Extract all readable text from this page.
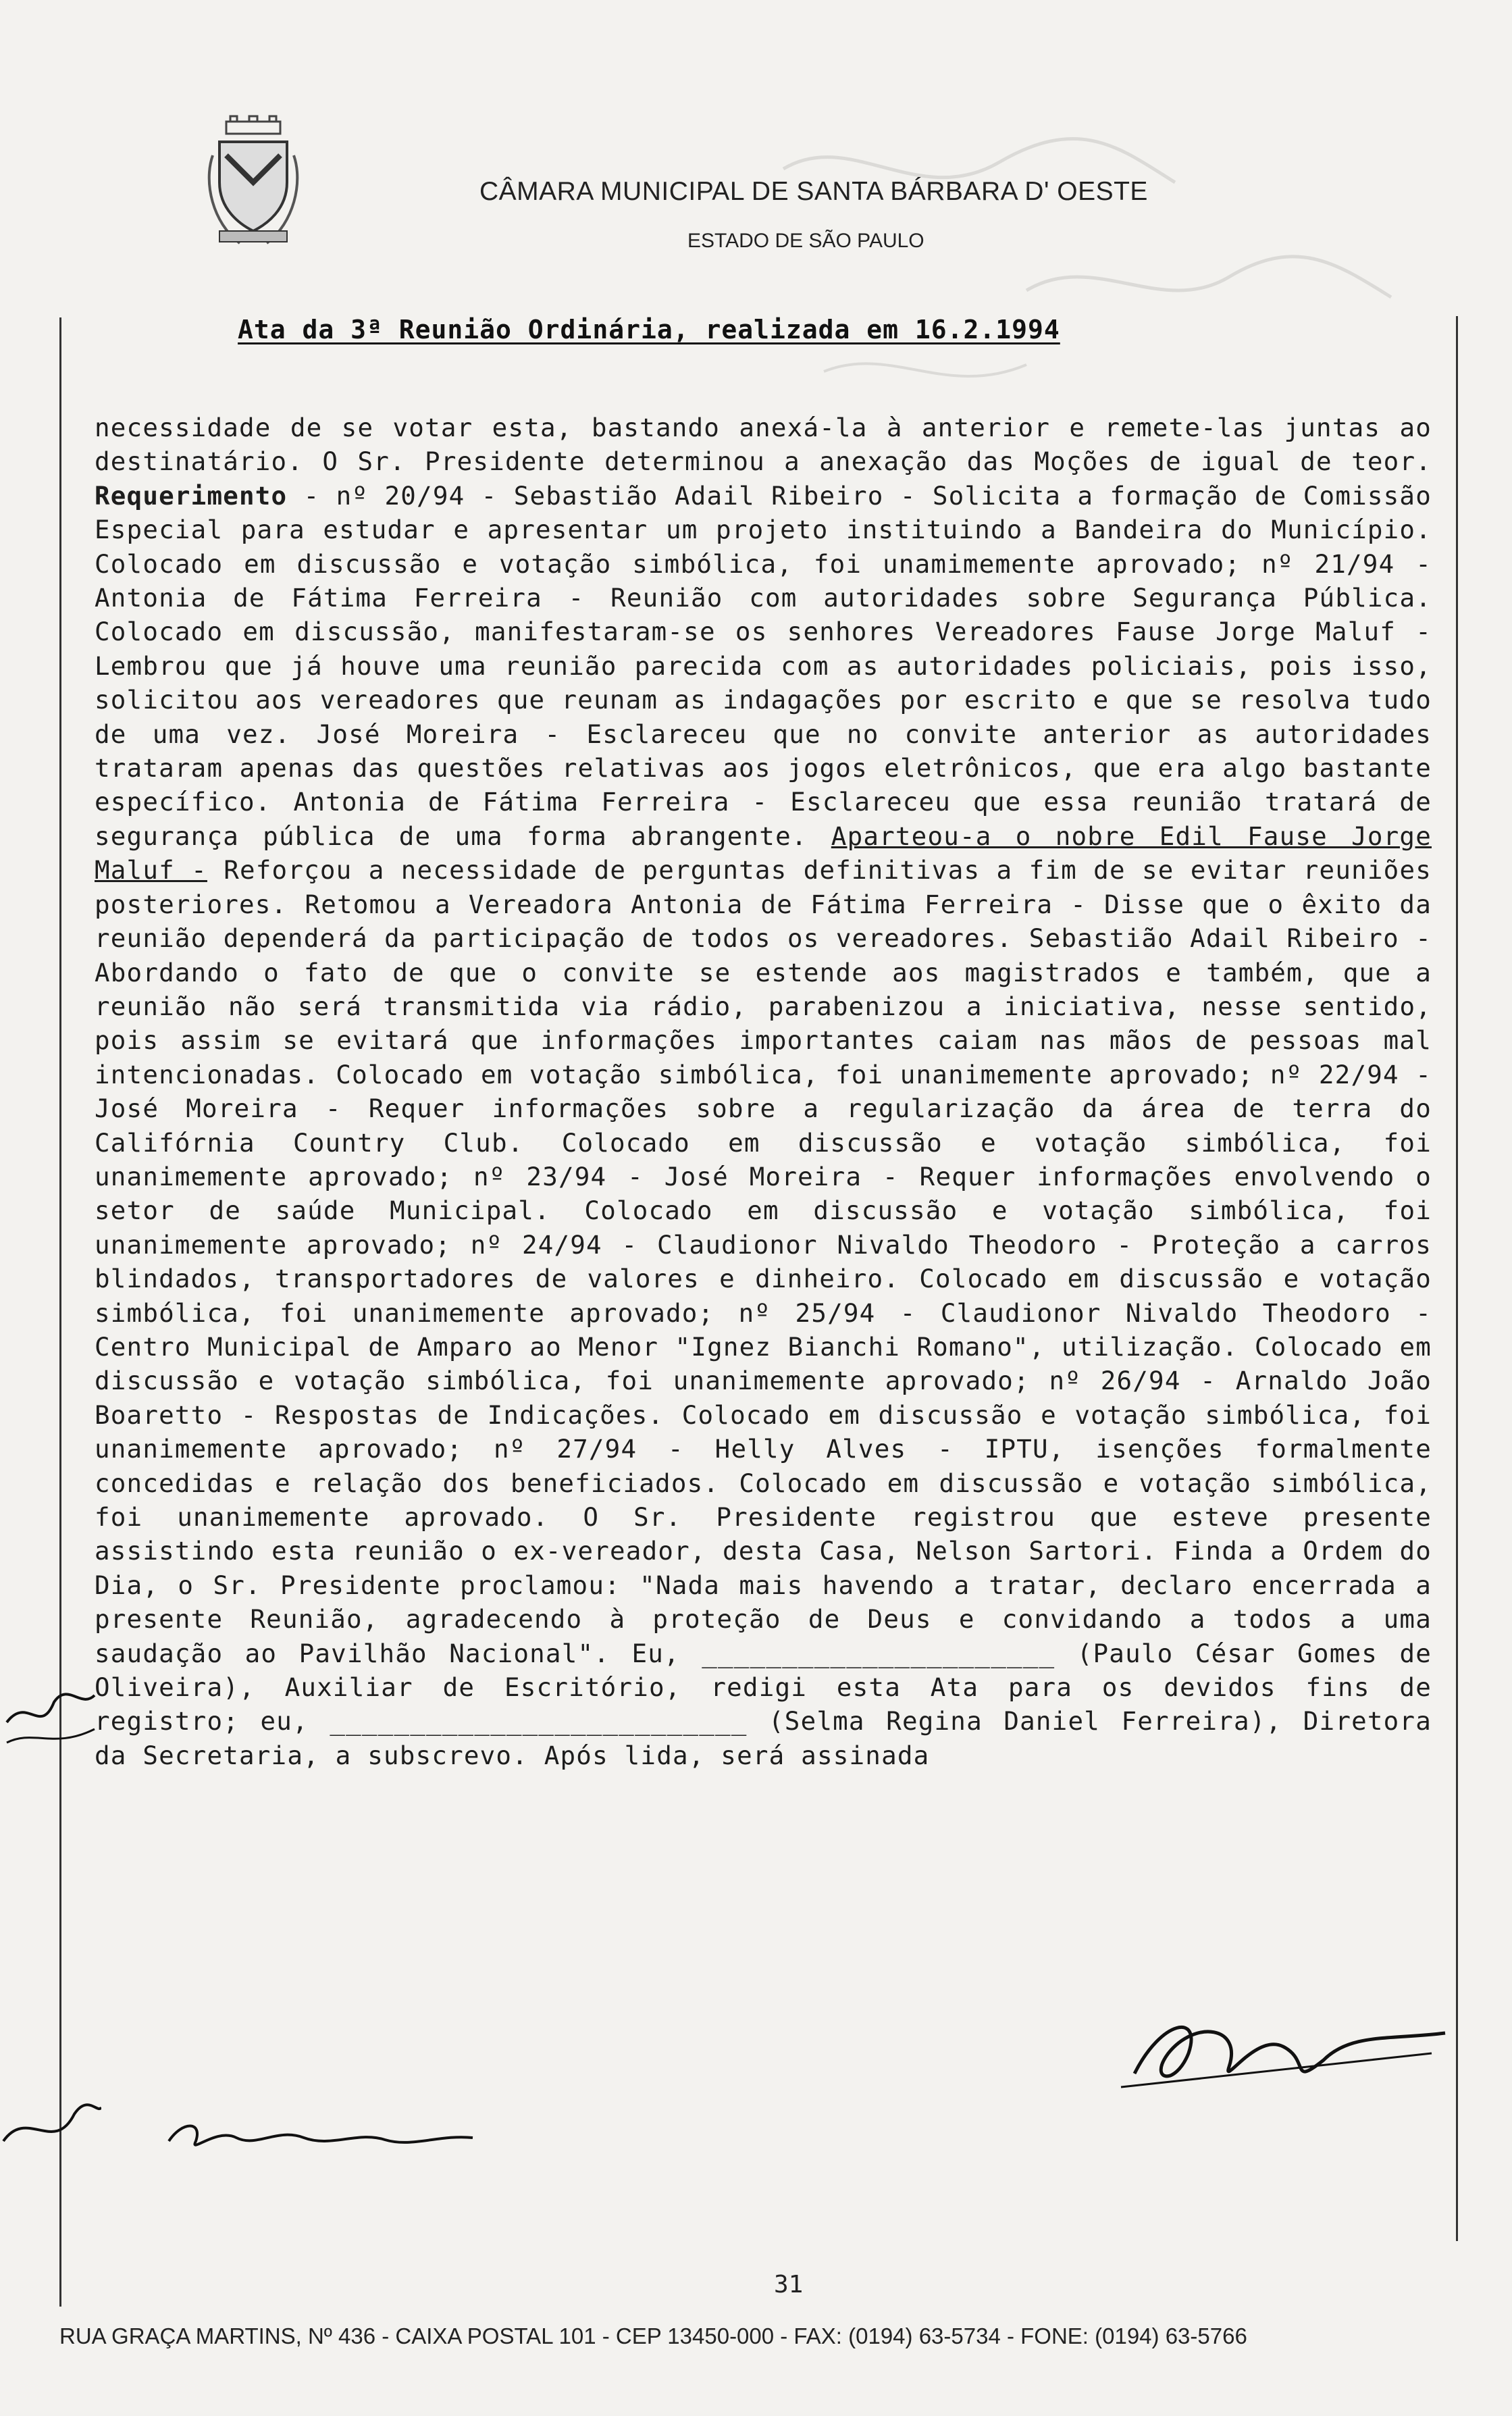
CÂMARA MUNICIPAL DE SANTA BÁRBARA D' OESTE
ESTADO DE SÃO PAULO
Ata da 3ª Reunião Ordinária, realizada em 16.2.1994
necessidade de se votar esta, bastando anexá-la à anterior e remete-las juntas ao destinatário. O Sr. Presidente determinou a anexação das Moções de igual de teor. Requerimento - nº 20/94 - Sebastião Adail Ribeiro - Solicita a formação de Comissão Especial para estudar e apresentar um projeto instituindo a Bandeira do Município. Colocado em discussão e votação simbólica, foi unamimemente aprovado; nº 21/94 - Antonia de Fátima Ferreira - Reunião com autoridades sobre Segurança Pública. Colocado em discussão, manifestaram-se os senhores Vereadores Fause Jorge Maluf - Lembrou que já houve uma reunião parecida com as autoridades policiais, pois isso, solicitou aos vereadores que reunam as indagações por escrito e que se resolva tudo de uma vez. José Moreira - Esclareceu que no convite anterior as autoridades trataram apenas das questões relativas aos jogos eletrônicos, que era algo bastante específico. Antonia de Fátima Ferreira - Esclareceu que essa reunião tratará de segurança pública de uma forma abrangente. Aparteou-a o nobre Edil Fause Jorge Maluf - Reforçou a necessidade de perguntas definitivas a fim de se evitar reuniões posteriores. Retomou a Vereadora Antonia de Fátima Ferreira - Disse que o êxito da reunião dependerá da participação de todos os vereadores. Sebastião Adail Ribeiro - Abordando o fato de que o convite se estende aos magistrados e também, que a reunião não será transmitida via rádio, parabenizou a iniciativa, nesse sentido, pois assim se evitará que informações importantes caiam nas mãos de pessoas mal intencionadas. Colocado em votação simbólica, foi unanimemente aprovado; nº 22/94 - José Moreira - Requer informações sobre a regularização da área de terra do Califórnia Country Club. Colocado em discussão e votação simbólica, foi unanimemente aprovado; nº 23/94 - José Moreira - Requer informações envolvendo o setor de saúde Municipal. Colocado em discussão e votação simbólica, foi unanimemente aprovado; nº 24/94 - Claudionor Nivaldo Theodoro - Proteção a carros blindados, transportadores de valores e dinheiro. Colocado em discussão e votação simbólica, foi unanimemente aprovado; nº 25/94 - Claudionor Nivaldo Theodoro - Centro Municipal de Amparo ao Menor "Ignez Bianchi Romano", utilização. Colocado em discussão e votação simbólica, foi unanimemente aprovado; nº 26/94 - Arnaldo João Boaretto - Respostas de Indicações. Colocado em discussão e votação simbólica, foi unanimemente aprovado; nº 27/94 - Helly Alves - IPTU, isenções formalmente concedidas e relação dos beneficiados. Colocado em discussão e votação simbólica, foi unanimemente aprovado. O Sr. Presidente registrou que esteve presente assistindo esta reunião o ex-vereador, desta Casa, Nelson Sartori. Finda a Ordem do Dia, o Sr. Presidente proclamou: "Nada mais havendo a tratar, declaro encerrada a presente Reunião, agradecendo à proteção de Deus e convidando a todos a uma saudação ao Pavilhão Nacional". Eu, ______________________ (Paulo César Gomes de Oliveira), Auxiliar de Escritório, redigi esta Ata para os devidos fins de registro; eu, __________________________ (Selma Regina Daniel Ferreira), Diretora da Secretaria, a subscrevo. Após lida, será assinada
31
RUA GRAÇA MARTINS, Nº 436 - CAIXA POSTAL 101 - CEP 13450-000 - FAX: (0194) 63-5734 - FONE: (0194) 63-5766
